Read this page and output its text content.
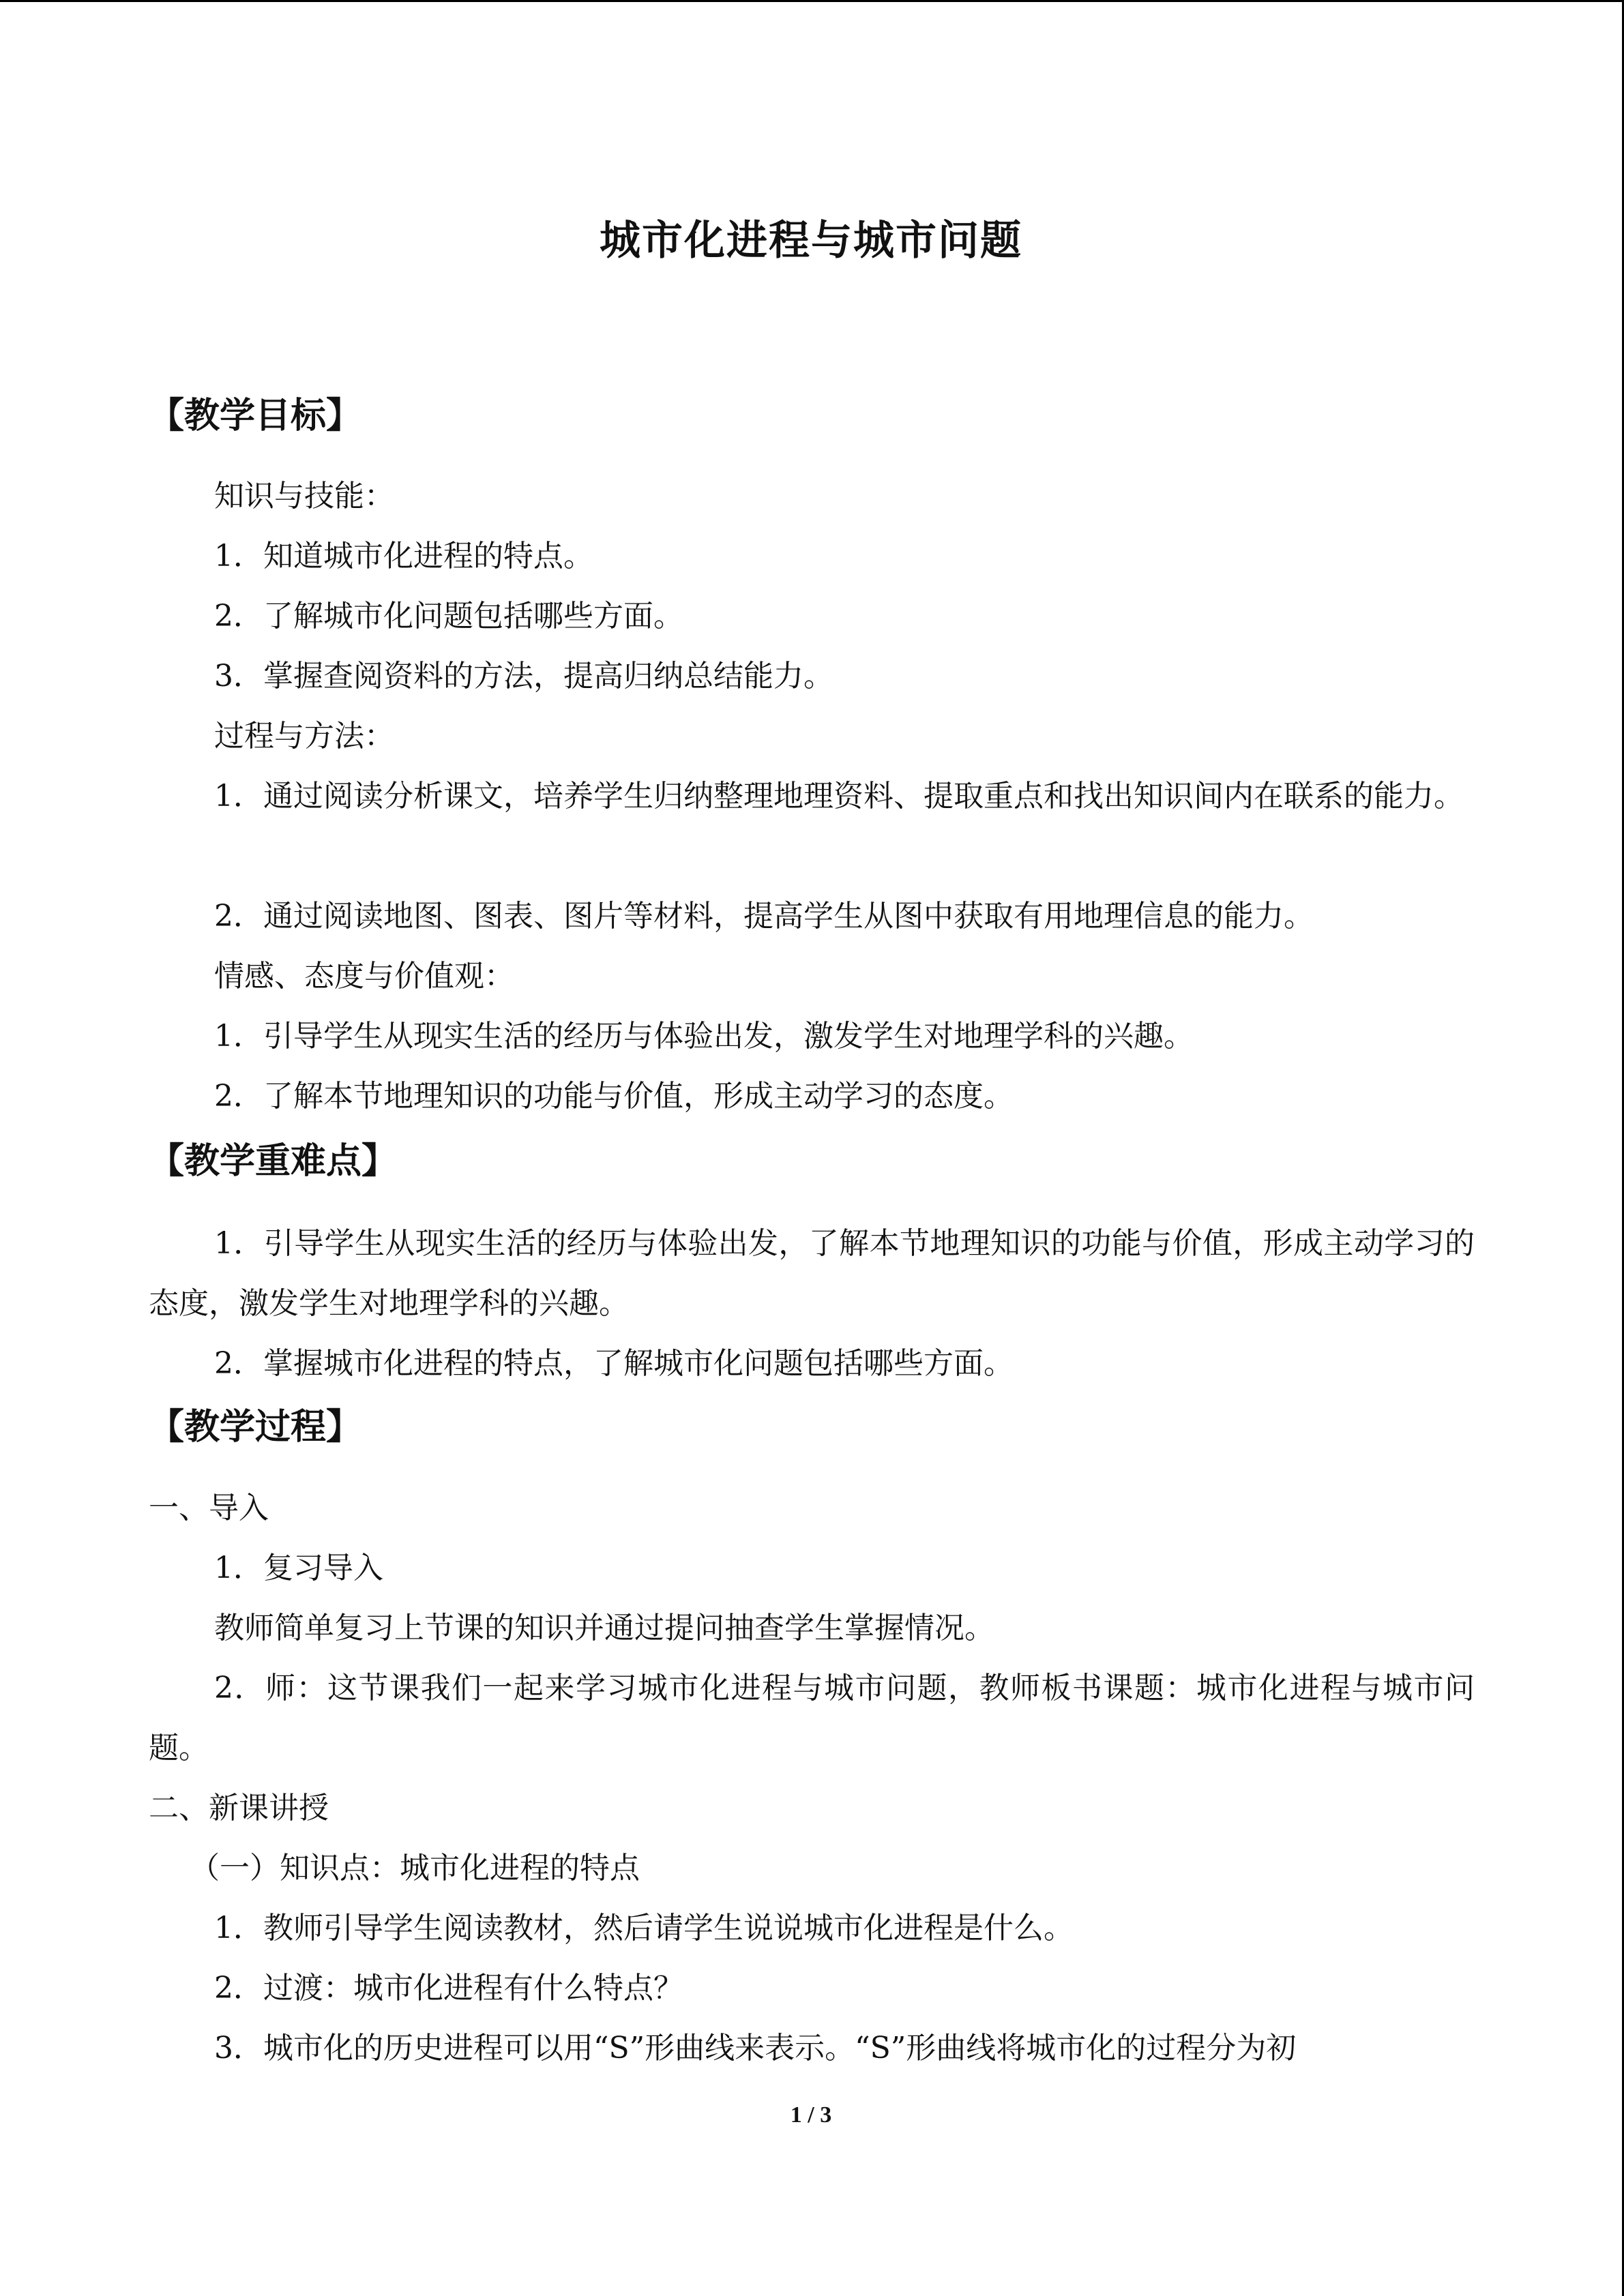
城市化进程与城市问题
【教学目标】
知识与技能：
1．知道城市化进程的特点。
2．了解城市化问题包括哪些方面。
3．掌握查阅资料的方法，提高归纳总结能力。
过程与方法：
1．通过阅读分析课文，培养学生归纳整理地理资料、提取重点和找出知识间内在联系的能力。
2．通过阅读地图、图表、图片等材料，提高学生从图中获取有用地理信息的能力。
情感、态度与价值观：
1．引导学生从现实生活的经历与体验出发，激发学生对地理学科的兴趣。
2．了解本节地理知识的功能与价值，形成主动学习的态度。
【教学重难点】
1．引导学生从现实生活的经历与体验出发，了解本节地理知识的功能与价值，形成主动学习的态度，激发学生对地理学科的兴趣。
2．掌握城市化进程的特点，了解城市化问题包括哪些方面。
【教学过程】
一、导入
1．复习导入
教师简单复习上节课的知识并通过提问抽查学生掌握情况。
2．师：这节课我们一起来学习城市化进程与城市问题，教师板书课题：城市化进程与城市问题。
二、新课讲授
（一）知识点：城市化进程的特点
1．教师引导学生阅读教材，然后请学生说说城市化进程是什么。
2．过渡：城市化进程有什么特点？
3．城市化的历史进程可以用“S”形曲线来表示。“S”形曲线将城市化的过程分为初
1 / 3
